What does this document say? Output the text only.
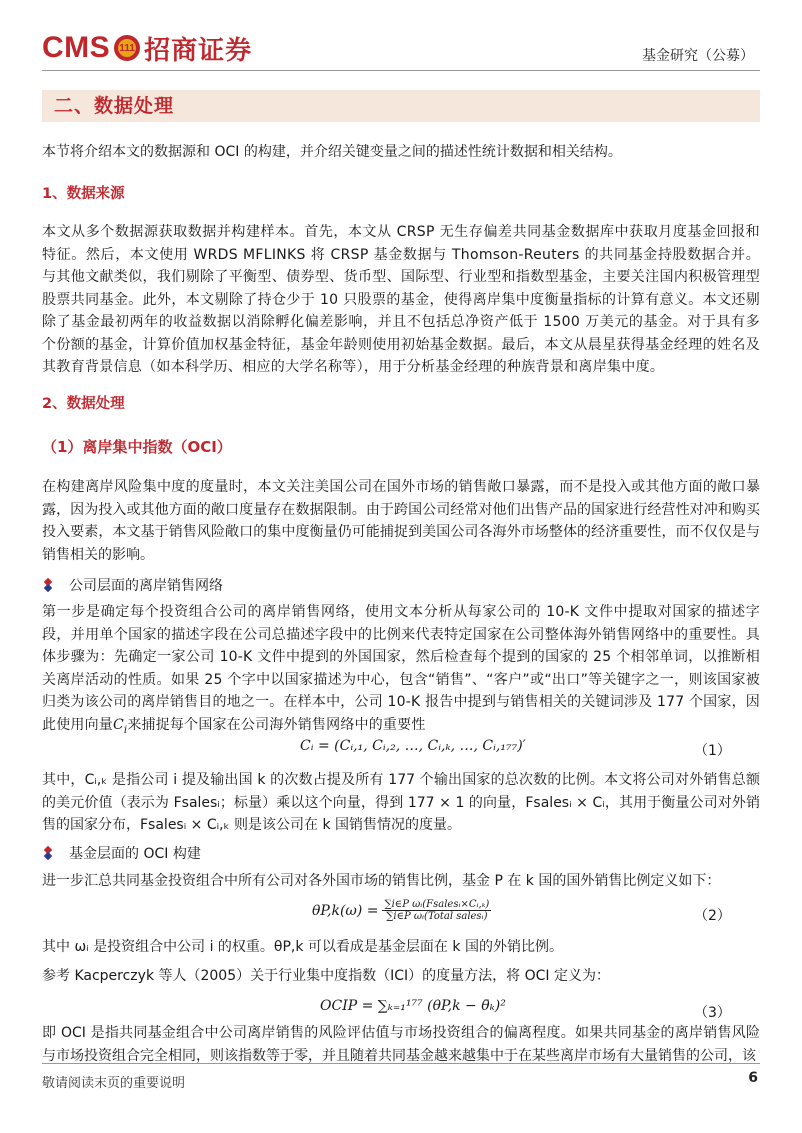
CMS 111 招商证券	基金研究（公募）
二、数据处理

本节将介绍本文的数据源和 OCI 的构建，并介绍关键变量之间的描述性统计数据和相关结构。

1、数据来源

本文从多个数据源获取数据并构建样本。首先，本文从 CRSP 无生存偏差共同基金数据库中获取月度基金回报和特征。然后，本文使用 WRDS MFLINKS 将 CRSP 基金数据与 Thomson-Reuters 的共同基金持股数据合并。与其他文献类似，我们剔除了平衡型、债券型、货币型、国际型、行业型和指数型基金，主要关注国内积极管理型股票共同基金。此外，本文剔除了持仓少于 10 只股票的基金，使得离岸集中度衡量指标的计算有意义。本文还剔除了基金最初两年的收益数据以消除孵化偏差影响，并且不包括总净资产低于 1500 万美元的基金。对于具有多个份额的基金，计算价值加权基金特征，基金年龄则使用初始基金数据。最后，本文从晨星获得基金经理的姓名及其教育背景信息（如本科学历、相应的大学名称等），用于分析基金经理的种族背景和离岸集中度。

2、数据处理
（1）离岸集中指数（OCI）

在构建离岸风险集中度的度量时，本文关注美国公司在国外市场的销售敞口暴露，而不是投入或其他方面的敞口暴露，因为投入或其他方面的敞口度量存在数据限制。由于跨国公司经常对他们出售产品的国家进行经营性对冲和购买投入要素，本文基于销售风险敞口的集中度衡量仍可能捕捉到美国公司各海外市场整体的经济重要性，而不仅仅是与销售相关的影响。

公司层面的离岸销售网络

第一步是确定每个投资组合公司的离岸销售网络，使用文本分析从每家公司的 10-K 文件中提取对国家的描述字段，并用单个国家的描述字段在公司总描述字段中的比例来代表特定国家在公司整体海外销售网络中的重要性。具体步骤为：先确定一家公司 10-K 文件中提到的外国国家，然后检查每个提到的国家的 25 个相邻单词，以推断相关离岸活动的性质。如果 25 个字中以国家描述为中心，包含“销售”、“客户”或“出口”等关键字之一，则该国家被归类为该公司的离岸销售目的地之一。在样本中，公司 10-K 报告中提到与销售相关的关键词涉及 177 个国家，因此使用向量$C_i$来捕捉每个国家在公司海外销售网络中的重要性

Cᵢ = (Cᵢ,₁, Cᵢ,₂, …, Cᵢ,ₖ, …, Cᵢ,₁₇₇)′	（1）

其中，Cᵢ,ₖ 是指公司 i 提及输出国 k 的次数占提及所有 177 个输出国家的总次数的比例。本文将公司对外销售总额的美元价值（表示为 Fsalesᵢ；标量）乘以这个向量，得到 177 × 1 的向量，Fsalesᵢ × Cᵢ，其用于衡量公司对外销售的国家分布，Fsalesᵢ × Cᵢ,ₖ 则是该公司在 k 国销售情况的度量。

基金层面的 OCI 构建

进一步汇总共同基金投资组合中所有公司对各外国市场的销售比例，基金 P 在 k 国的国外销售比例定义如下：

$\theta P,k(\omega) = \frac{\text{∑i∈P ωᵢ(Fsalesᵢ×Cᵢ,ₖ)}}{\text{∑i∈P ωᵢ(Total salesᵢ)}}$	（2）

其中 ωᵢ 是投资组合中公司 i 的权重。θP,k 可以看成是基金层面在 k 国的外销比例。

参考 Kacperczyk 等人（2005）关于行业集中度指数（ICI）的度量方法，将 OCI 定义为：

OCIP = ∑ₖ₌₁¹⁷⁷ (θP,k − θ̄ₖ)²	（3）

即 OCI 是指共同基金组合中公司离岸销售的风险评估值与市场投资组合的偏离程度。如果共同基金的离岸销售风险与市场投资组合完全相同，则该指数等于零，并且随着共同基金越来越集中于在某些离岸市场有大量销售的公司，该

敬请阅读末页的重要说明	6
